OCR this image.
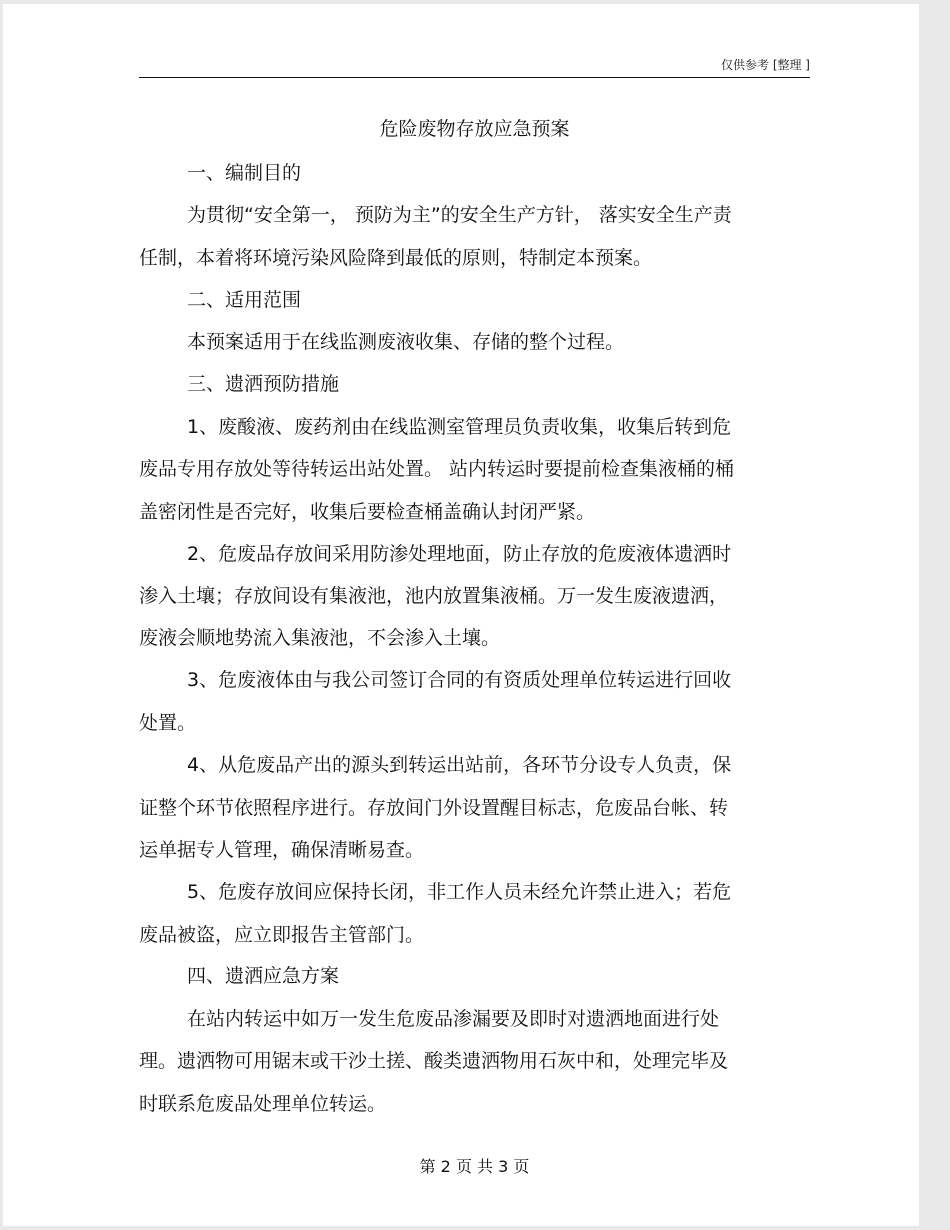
仅供参考 [整理 ]
危险废物存放应急预案
一、编制目的
为贯彻“安全第一， 预防为主”的安全生产方针， 落实安全生产责
任制，本着将环境污染风险降到最低的原则，特制定本预案。
二、适用范围
本预案适用于在线监测废液收集、存储的整个过程。
三、遗洒预防措施
1、废酸液、废药剂由在线监测室管理员负责收集，收集后转到危
废品专用存放处等待转运出站处置。 站内转运时要提前检查集液桶的桶
盖密闭性是否完好，收集后要检查桶盖确认封闭严紧。
2、危废品存放间采用防渗处理地面，防止存放的危废液体遗洒时
渗入土壤；存放间设有集液池，池内放置集液桶。万一发生废液遗洒，
废液会顺地势流入集液池，不会渗入土壤。
3、危废液体由与我公司签订合同的有资质处理单位转运进行回收
处置。
4、从危废品产出的源头到转运出站前，各环节分设专人负责，保
证整个环节依照程序进行。存放间门外设置醒目标志，危废品台帐、转
运单据专人管理，确保清晰易查。
5、危废存放间应保持长闭，非工作人员未经允许禁止进入；若危
废品被盗，应立即报告主管部门。
四、遗洒应急方案
在站内转运中如万一发生危废品渗漏要及即时对遗洒地面进行处
理。遗洒物可用锯末或干沙土搓、酸类遗洒物用石灰中和，处理完毕及
时联系危废品处理单位转运。
第 2 页 共 3 页
